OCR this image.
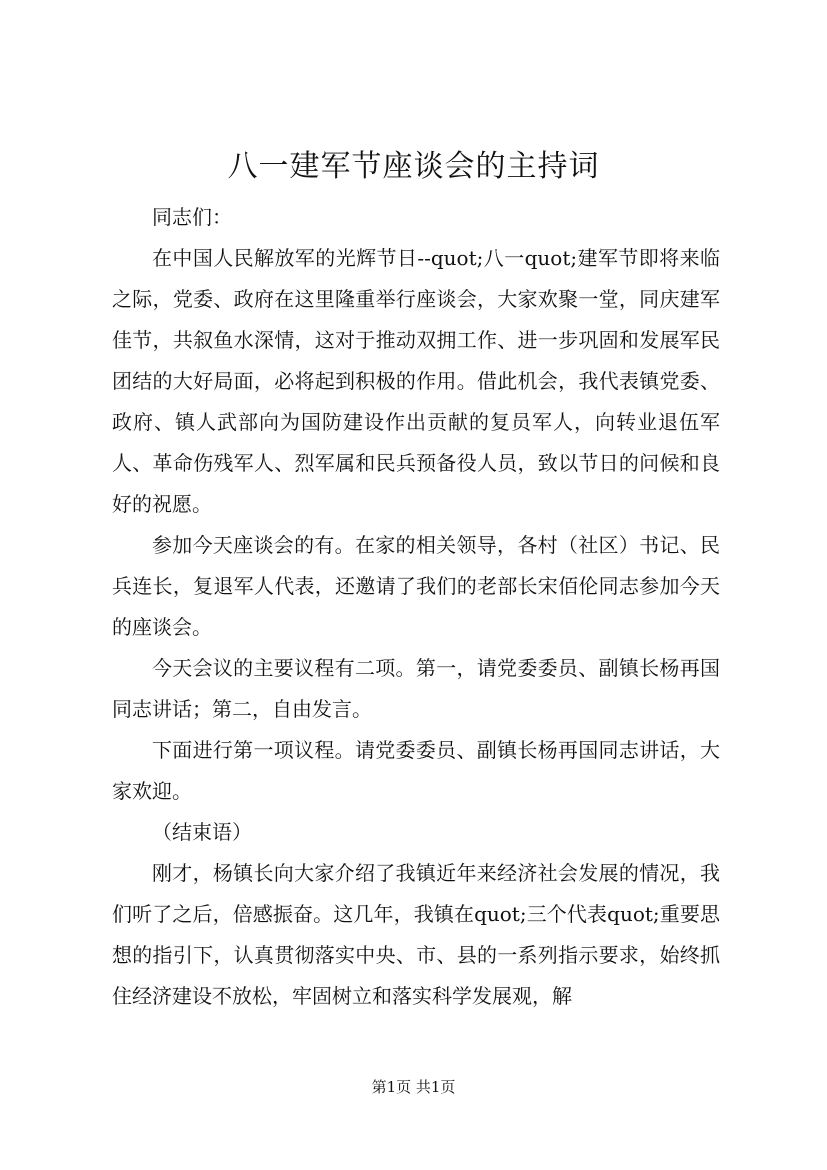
八一建军节座谈会的主持词

同志们：

在中国人民解放军的光辉节日--quot;八一quot;建军节即将来临之际，党委、政府在这里隆重举行座谈会，大家欢聚一堂，同庆建军佳节，共叙鱼水深情，这对于推动双拥工作、进一步巩固和发展军民团结的大好局面，必将起到积极的作用。借此机会，我代表镇党委、政府、镇人武部向为国防建设作出贡献的复员军人，向转业退伍军人、革命伤残军人、烈军属和民兵预备役人员，致以节日的问候和良好的祝愿。

参加今天座谈会的有。在家的相关领导，各村（社区）书记、民兵连长，复退军人代表，还邀请了我们的老部长宋佰伦同志参加今天的座谈会。

今天会议的主要议程有二项。第一，请党委委员、副镇长杨再国同志讲话；第二，自由发言。

下面进行第一项议程。请党委委员、副镇长杨再国同志讲话，大家欢迎。

（结束语）

刚才，杨镇长向大家介绍了我镇近年来经济社会发展的情况，我们听了之后，倍感振奋。这几年，我镇在quot;三个代表quot;重要思想的指引下，认真贯彻落实中央、市、县的一系列指示要求，始终抓住经济建设不放松，牢固树立和落实科学发展观，解

第1页 共1页
